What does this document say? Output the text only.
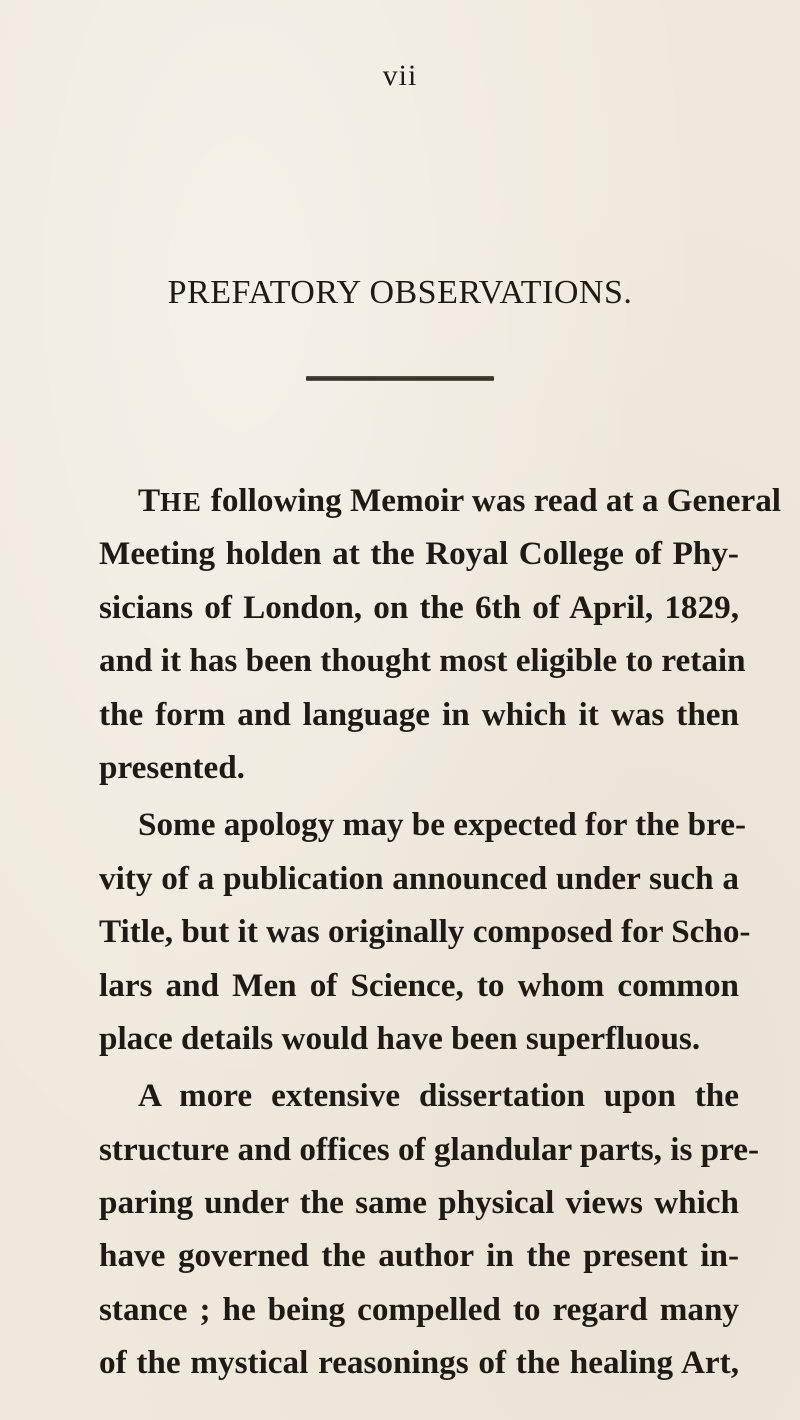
vii
PREFATORY OBSERVATIONS.
THE following Memoir was read at a General
Meeting holden at the Royal College of Phy-
sicians of London, on the 6th of April, 1829,
and it has been thought most eligible to retain
the form and language in which it was then
presented.
Some apology may be expected for the bre-
vity of a publication announced under such a
Title, but it was originally composed for Scho-
lars and Men of Science, to whom common
place details would have been superfluous.
A more extensive dissertation upon the
structure and offices of glandular parts, is pre-
paring under the same physical views which
have governed the author in the present in-
stance ; he being compelled to regard many
of the mystical reasonings of the healing Art,
